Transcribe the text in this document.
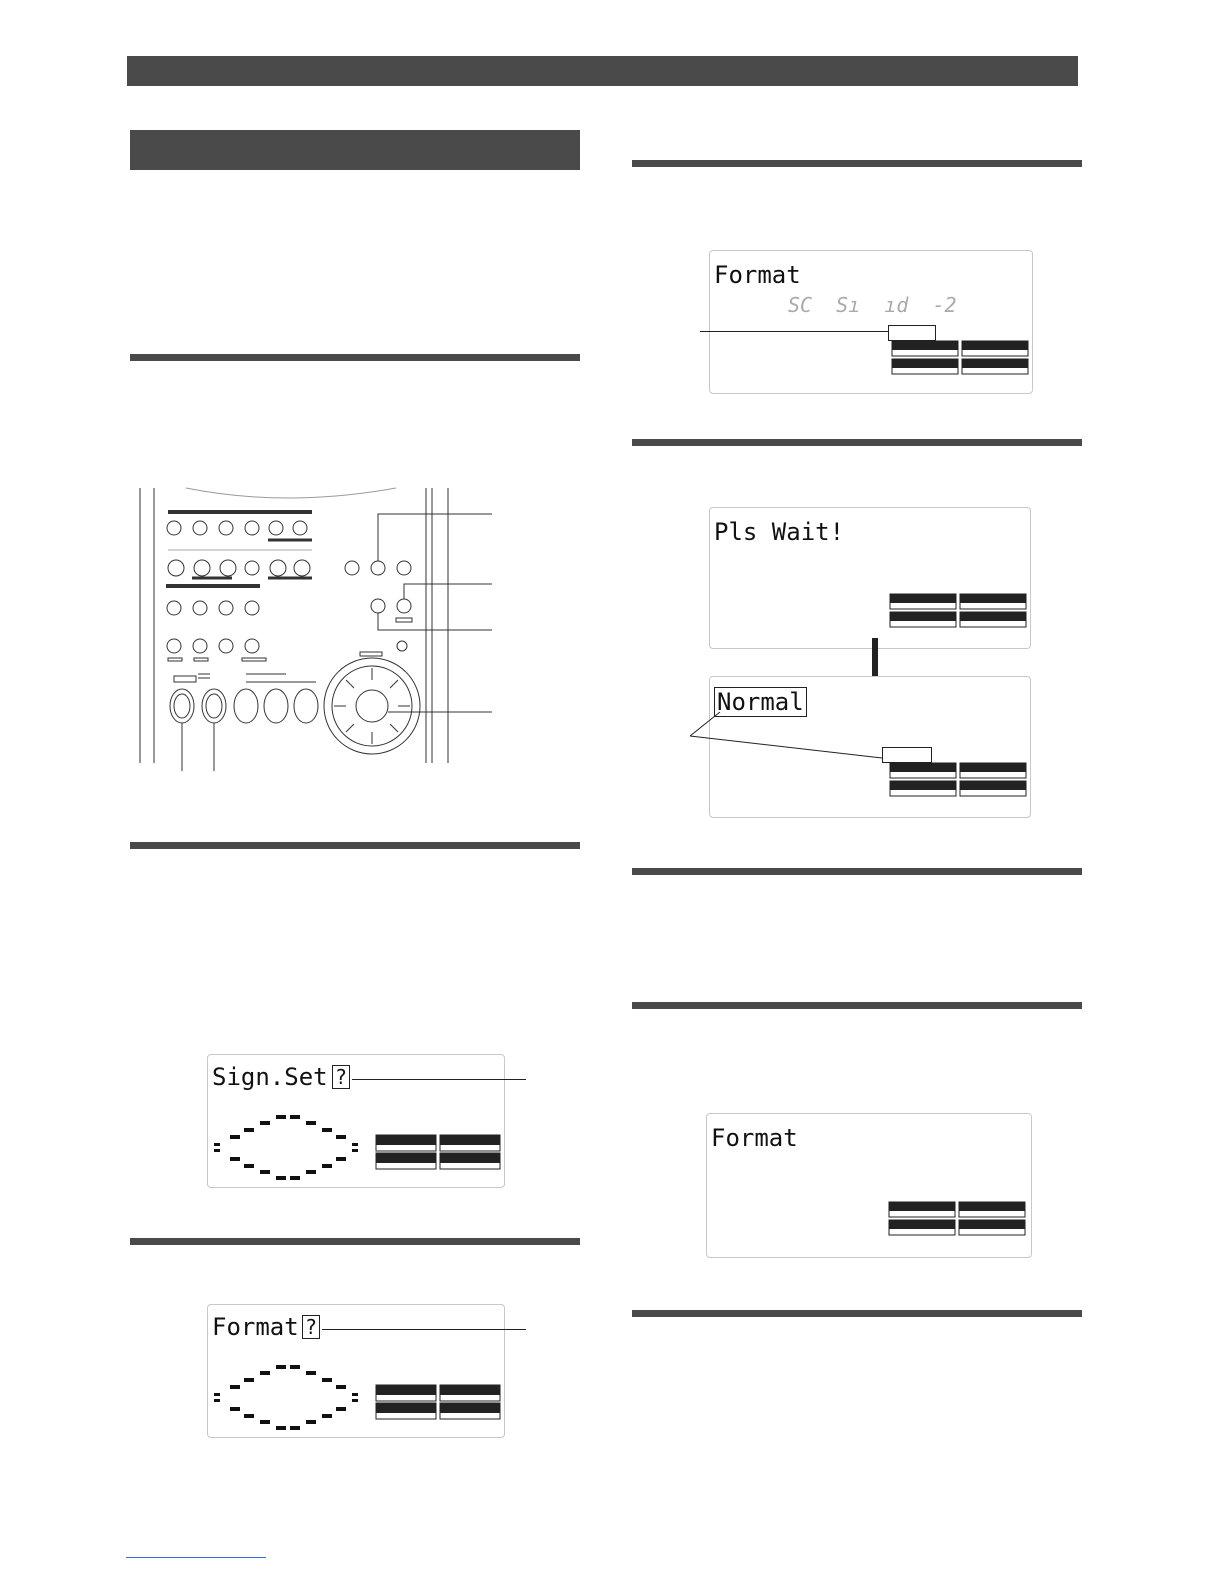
Sign.Set ?
Format ?
Format
SC  Sı  ıd  -2
Pls Wait!
Normal
Format
